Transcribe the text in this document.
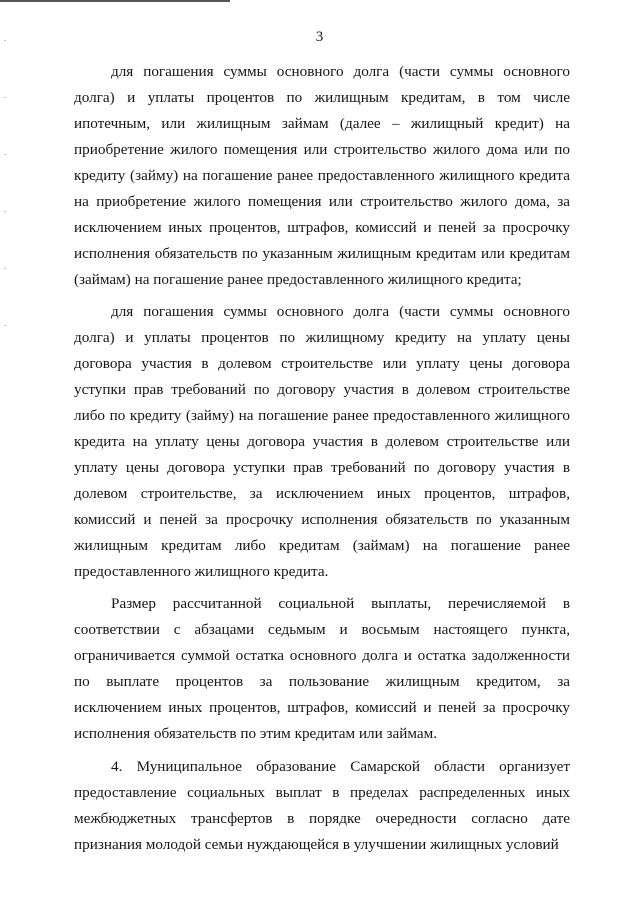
3

для погашения суммы основного долга (части суммы основного долга) и уплаты процентов по жилищным кредитам, в том числе ипотечным, или жилищным займам (далее – жилищный кредит) на приобретение жилого помещения или строительство жилого дома или по кредиту (займу) на погашение ранее предоставленного жилищного кредита на приобретение жилого помещения или строительство жилого дома, за исключением иных процентов, штрафов, комиссий и пеней за просрочку исполнения обязательств по указанным жилищным кредитам или кредитам (займам) на погашение ранее предоставленного жилищного кредита;

для погашения суммы основного долга (части суммы основного долга) и уплаты процентов по жилищному кредиту на уплату цены договора участия в долевом строительстве или уплату цены договора уступки прав требований по договору участия в долевом строительстве либо по кредиту (займу) на погашение ранее предоставленного жилищного кредита на уплату цены договора участия в долевом строительстве или уплату цены договора уступки прав требований по договору участия в долевом строительстве, за исключением иных процентов, штрафов, комиссий и пеней за просрочку исполнения обязательств по указанным жилищным кредитам либо кредитам (займам) на погашение ранее предоставленного жилищного кредита.

Размер рассчитанной социальной выплаты, перечисляемой в соответствии с абзацами седьмым и восьмым настоящего пункта, ограничивается суммой остатка основного долга и остатка задолженности по выплате процентов за пользование жилищным кредитом, за исключением иных процентов, штрафов, комиссий и пеней за просрочку исполнения обязательств по этим кредитам или займам.

4. Муниципальное образование Самарской области организует предоставление социальных выплат в пределах распределенных иных межбюджетных трансфертов в порядке очередности согласно дате признания молодой семьи нуждающейся в улучшении жилищных условий
